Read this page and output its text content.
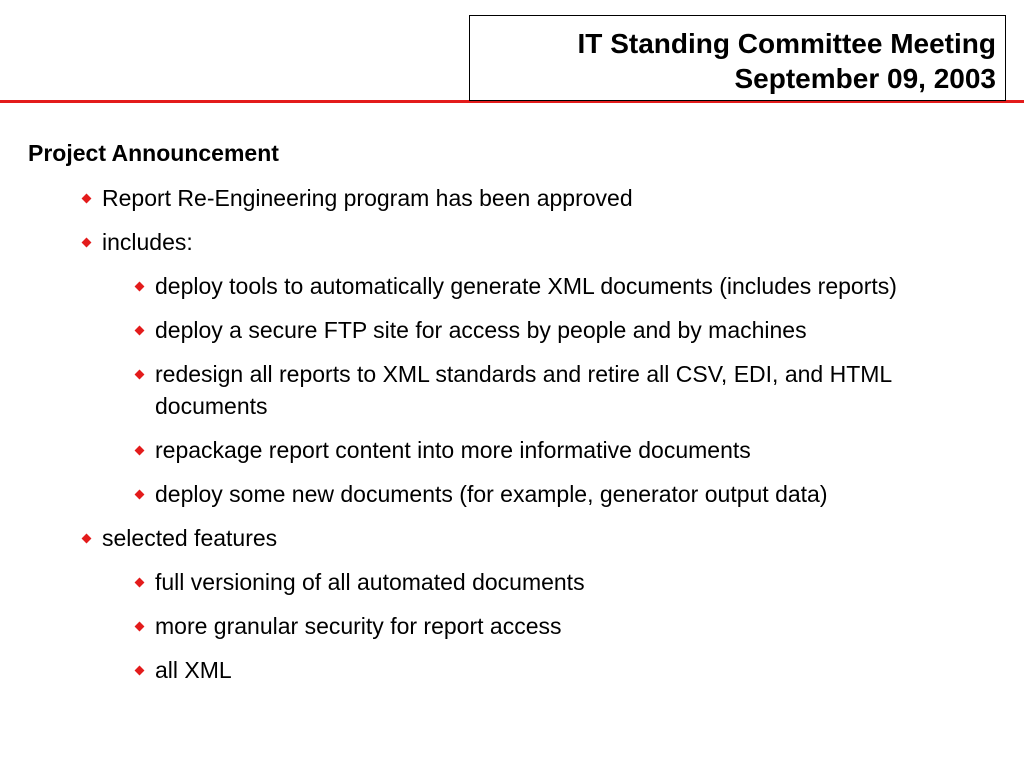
IT Standing Committee Meeting
September 09, 2003
Project Announcement
Report Re-Engineering program has been approved
includes:
deploy tools to automatically generate XML documents (includes reports)
deploy a secure FTP site for access by people and by machines
redesign all reports to XML standards and retire all CSV, EDI, and HTML documents
repackage report content into more informative documents
deploy some new documents (for example, generator output data)
selected features
full versioning of all automated documents
more granular security for report access
all XML
